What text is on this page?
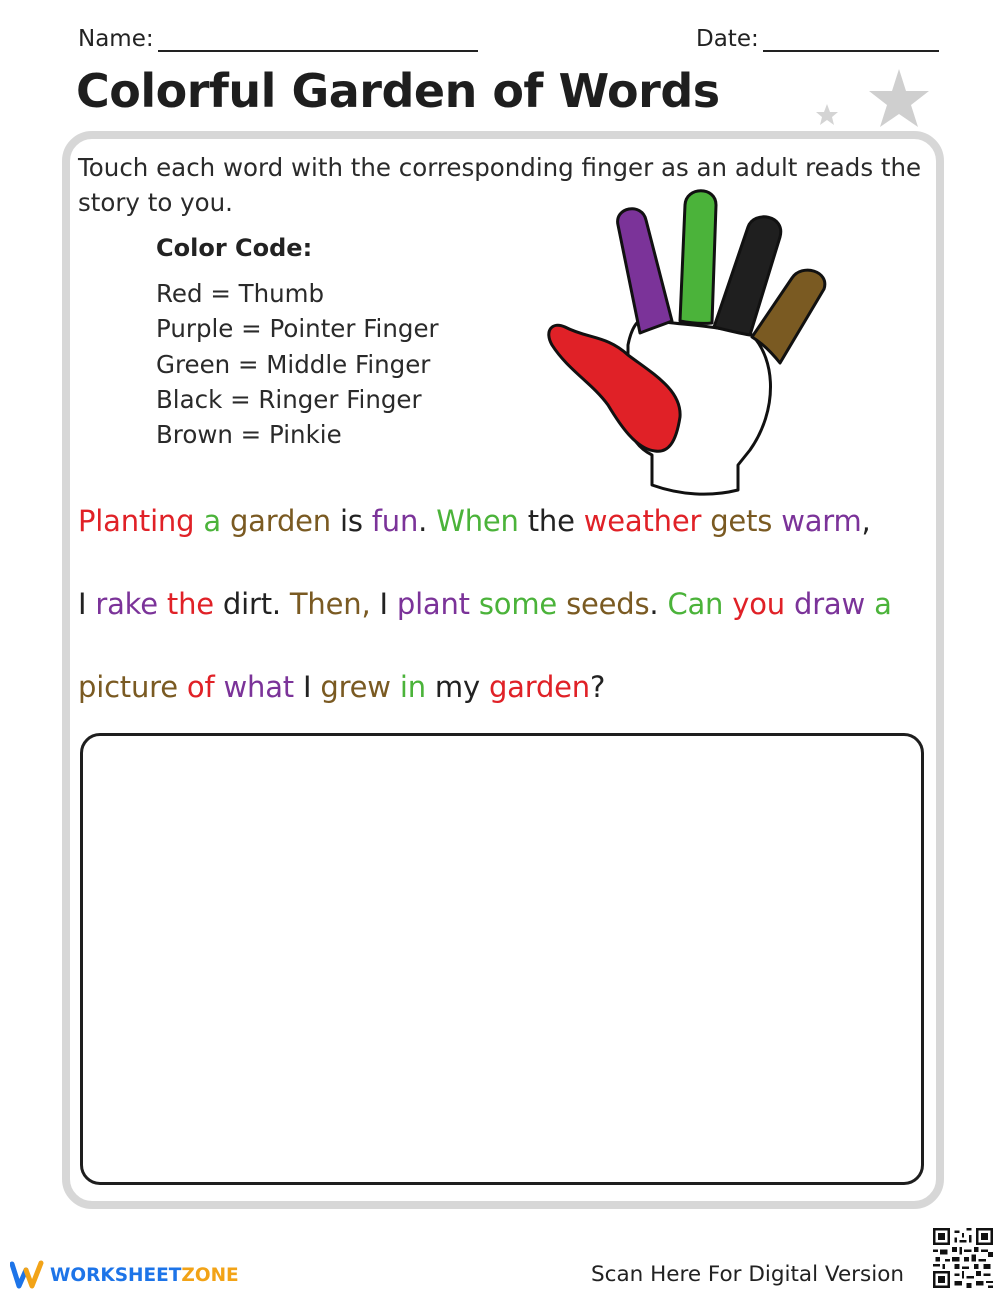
Name:	Date:
Colorful Garden of Words

Touch each word with the corresponding finger as an adult reads the story to you.

Color Code:
Red = Thumb
Purple = Pointer Finger
Green = Middle Finger
Black = Ringer Finger
Brown = Pinkie
Planting a garden is fun. When the weather gets warm,
I rake the dirt. Then, I plant some seeds. Can you draw a
picture of what I grew in my garden?
WORKSHEETZONE	Scan Here For Digital Version
